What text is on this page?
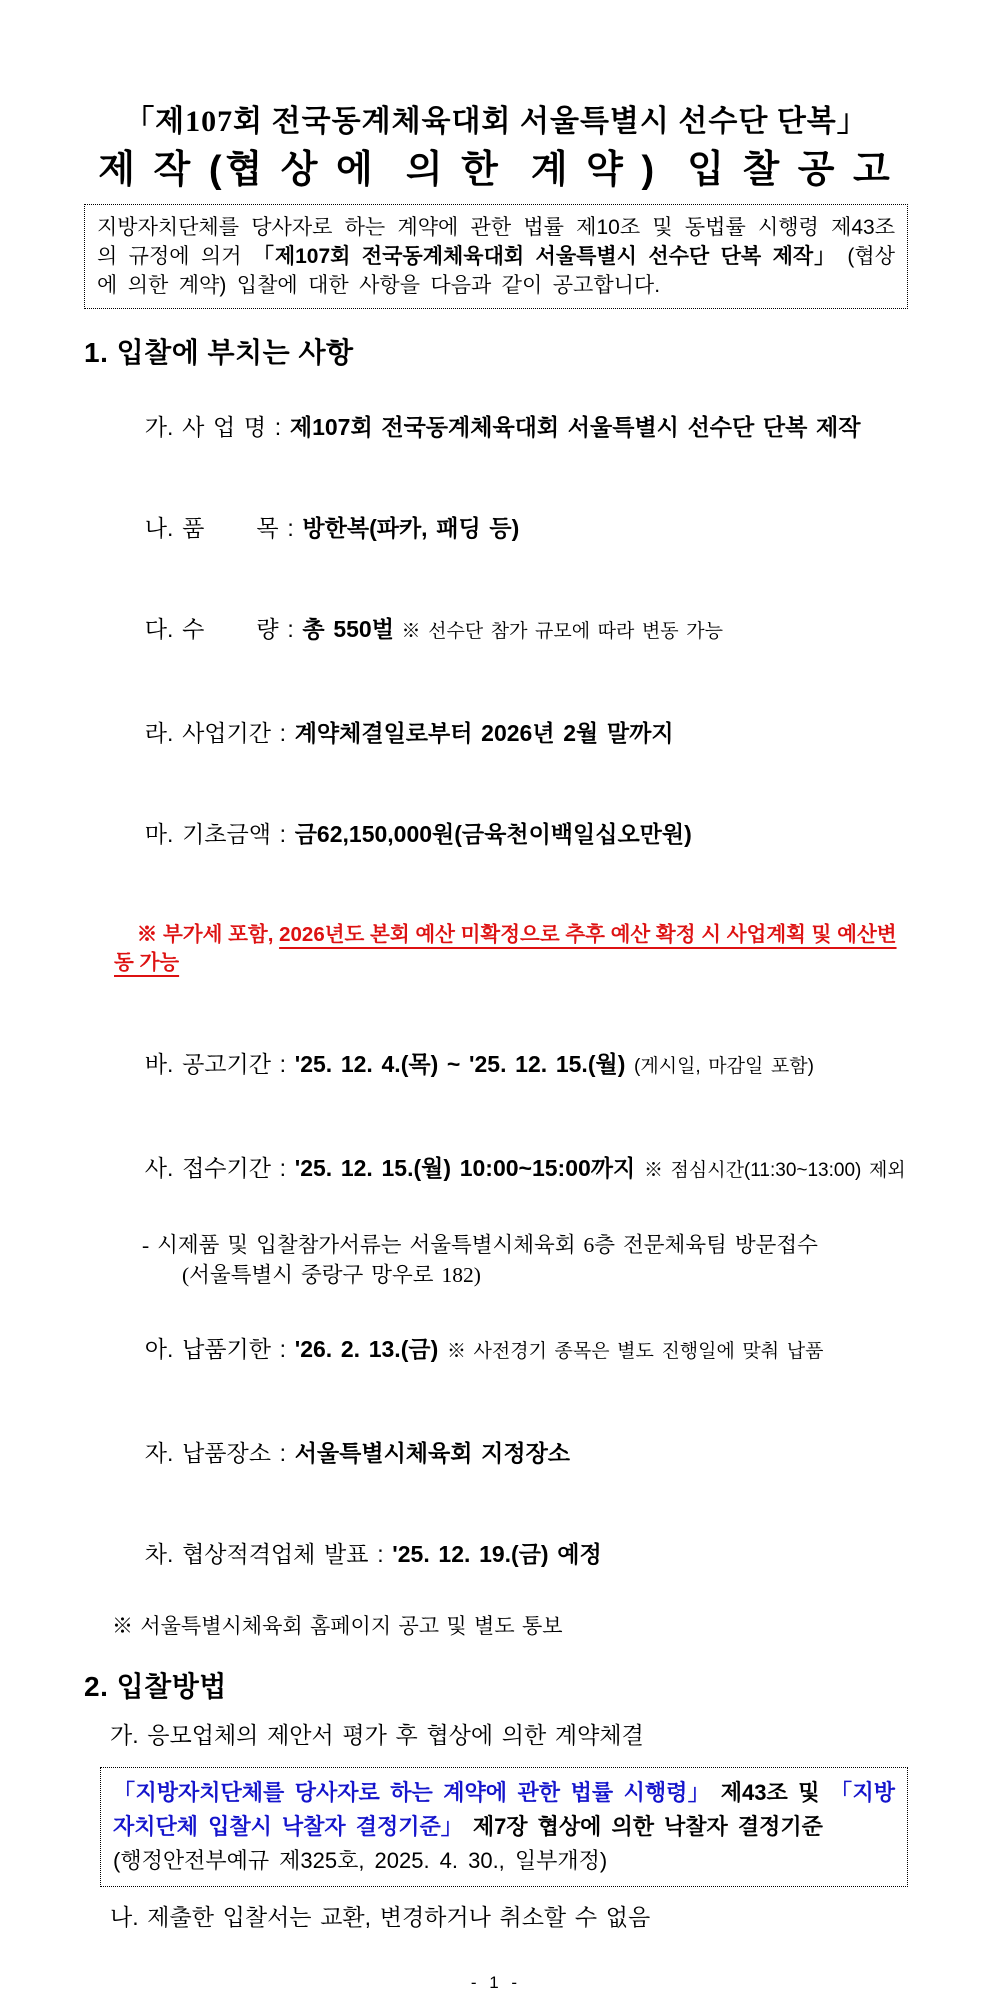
「제107회 전국동계체육대회 서울특별시 선수단 단복」
제 작 (협 상 에  의 한  계 약 )  입 찰 공 고
지방자치단체를 당사자로 하는 계약에 관한 법률 제10조 및 동법률 시행령 제43조의 규정에 의거 「제107회 전국동계체육대회 서울특별시 선수단 단복 제작」 (협상에 의한 계약) 입찰에 대한 사항을 다음과 같이 공고합니다.
1. 입찰에 부치는 사항

가. 사 업 명 : 제107회 전국동계체육대회 서울특별시 선수단 단복 제작

나. 품      목 : 방한복(파카, 패딩 등)

다. 수      량 : 총 550벌 ※ 선수단 참가 규모에 따라 변동 가능

라. 사업기간 : 계약체결일로부터 2026년 2월 말까지

마. 기초금액 : 금62,150,000원(금육천이백일십오만원)

※ 부가세 포함, 2026년도 본회 예산 미확정으로 추후 예산 확정 시 사업계획 및 예산변동 가능

바. 공고기간 : '25. 12. 4.(목) ~ '25. 12. 15.(월) (게시일, 마감일 포함)

사. 접수기간 : '25. 12. 15.(월) 10:00~15:00까지 ※ 점심시간(11:30~13:00) 제외

- 시제품 및 입찰참가서류는 서울특별시체육회 6층 전문체육팀 방문접수
(서울특별시 중랑구 망우로 182)

아. 납품기한 : '26. 2. 13.(금) ※ 사전경기 종목은 별도 진행일에 맞춰 납품

자. 납품장소 : 서울특별시체육회 지정장소

차. 협상적격업체 발표 : '25. 12. 19.(금) 예정

※ 서울특별시체육회 홈페이지 공고 및 별도 통보
2. 입찰방법
가. 응모업체의 제안서 평가 후 협상에 의한 계약체결
「지방자치단체를 당사자로 하는 계약에 관한 법률 시행령」 제43조 및 「지방자치단체 입찰시 낙찰자 결정기준」 제7장 협상에 의한 낙찰자 결정기준
(행정안전부예규 제325호, 2025. 4. 30., 일부개정)
나. 제출한 입찰서는 교환, 변경하거나 취소할 수 없음
- 1 -
